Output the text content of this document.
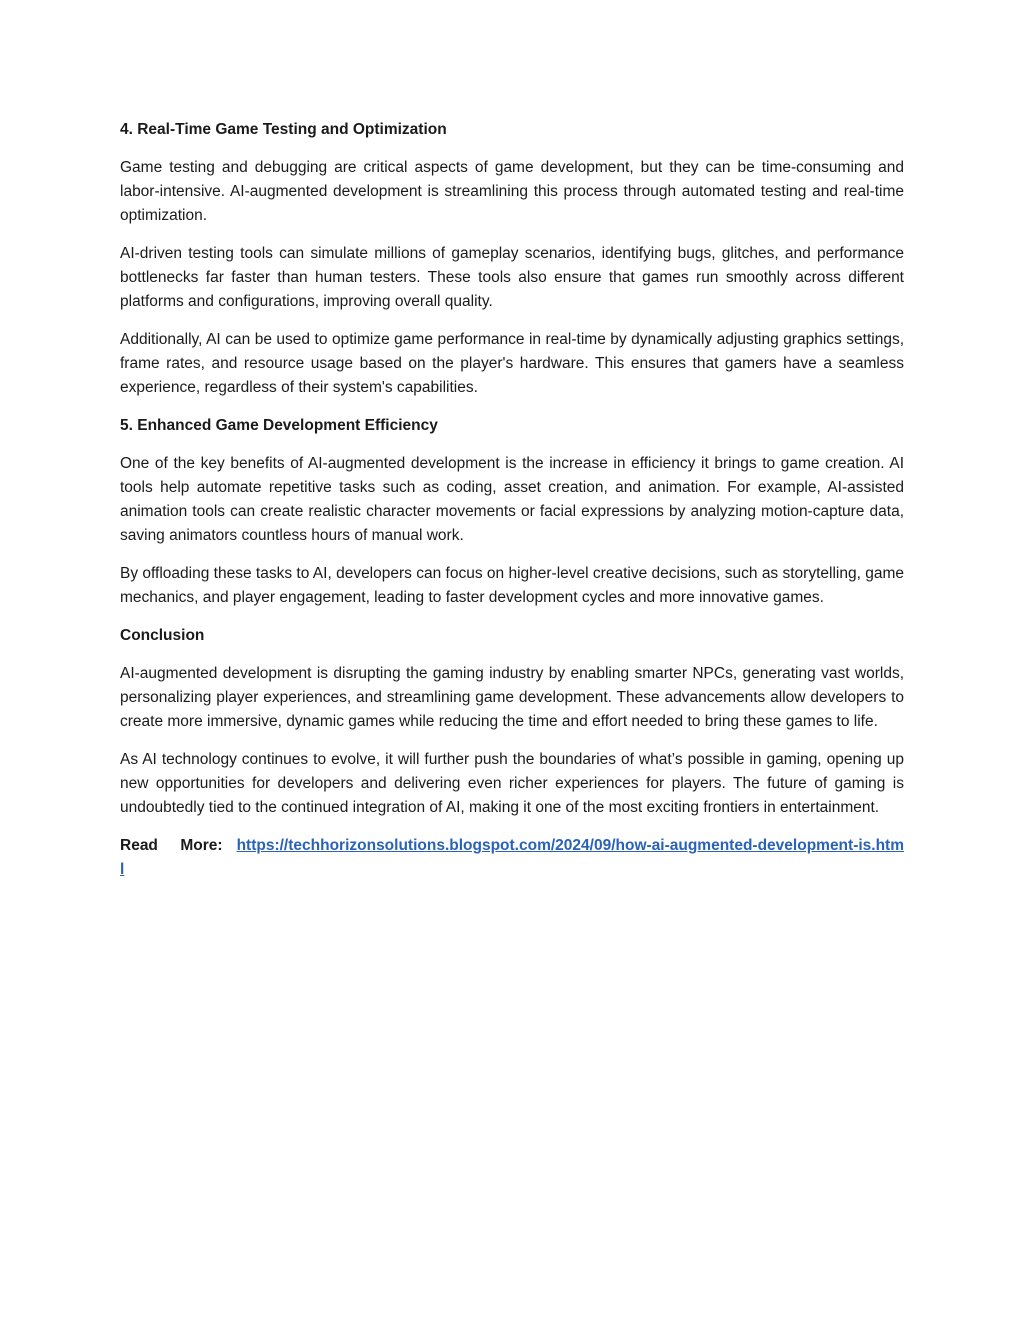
4. Real-Time Game Testing and Optimization

Game testing and debugging are critical aspects of game development, but they can be time-consuming and labor-intensive. AI-augmented development is streamlining this process through automated testing and real-time optimization.

AI-driven testing tools can simulate millions of gameplay scenarios, identifying bugs, glitches, and performance bottlenecks far faster than human testers. These tools also ensure that games run smoothly across different platforms and configurations, improving overall quality.

Additionally, AI can be used to optimize game performance in real-time by dynamically adjusting graphics settings, frame rates, and resource usage based on the player's hardware. This ensures that gamers have a seamless experience, regardless of their system's capabilities.

5. Enhanced Game Development Efficiency

One of the key benefits of AI-augmented development is the increase in efficiency it brings to game creation. AI tools help automate repetitive tasks such as coding, asset creation, and animation. For example, AI-assisted animation tools can create realistic character movements or facial expressions by analyzing motion-capture data, saving animators countless hours of manual work.

By offloading these tasks to AI, developers can focus on higher-level creative decisions, such as storytelling, game mechanics, and player engagement, leading to faster development cycles and more innovative games.

Conclusion

AI-augmented development is disrupting the gaming industry by enabling smarter NPCs, generating vast worlds, personalizing player experiences, and streamlining game development. These advancements allow developers to create more immersive, dynamic games while reducing the time and effort needed to bring these games to life.

As AI technology continues to evolve, it will further push the boundaries of what’s possible in gaming, opening up new opportunities for developers and delivering even richer experiences for players. The future of gaming is undoubtedly tied to the continued integration of AI, making it one of the most exciting frontiers in entertainment.

Read More: https://techhorizonsolutions.blogspot.com/2024/09/how-ai-augmented-development-is.html
